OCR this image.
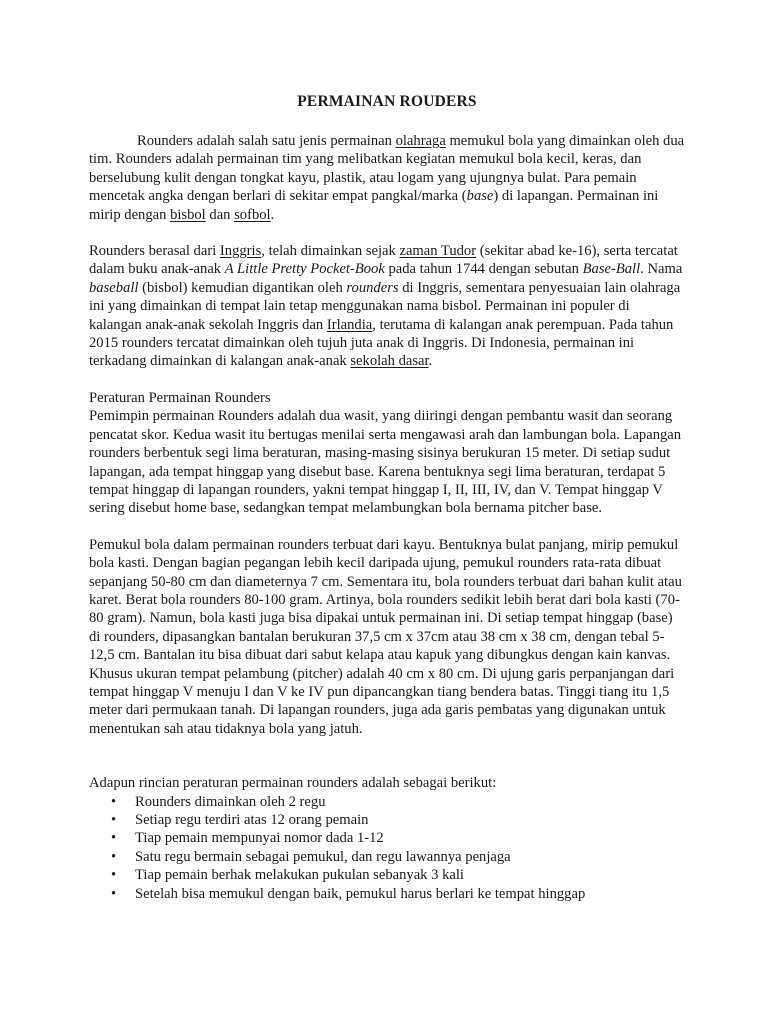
PERMAINAN ROUDERS

Rounders adalah salah satu jenis permainan olahraga memukul bola yang dimainkan oleh dua tim. Rounders adalah permainan tim yang melibatkan kegiatan memukul bola kecil, keras, dan berselubung kulit dengan tongkat kayu, plastik, atau logam yang ujungnya bulat. Para pemain mencetak angka dengan berlari di sekitar empat pangkal/marka (base) di lapangan. Permainan ini mirip dengan bisbol dan sofbol.

Rounders berasal dari Inggris, telah dimainkan sejak zaman Tudor (sekitar abad ke-16), serta tercatat dalam buku anak-anak A Little Pretty Pocket-Book pada tahun 1744 dengan sebutan Base-Ball. Nama baseball (bisbol) kemudian digantikan oleh rounders di Inggris, sementara penyesuaian lain olahraga ini yang dimainkan di tempat lain tetap menggunakan nama bisbol. Permainan ini populer di kalangan anak-anak sekolah Inggris dan Irlandia, terutama di kalangan anak perempuan. Pada tahun 2015 rounders tercatat dimainkan oleh tujuh juta anak di Inggris. Di Indonesia, permainan ini terkadang dimainkan di kalangan anak-anak sekolah dasar.

Peraturan Permainan Rounders
Pemimpin permainan Rounders adalah dua wasit, yang diiringi dengan pembantu wasit dan seorang pencatat skor. Kedua wasit itu bertugas menilai serta mengawasi arah dan lambungan bola. Lapangan rounders berbentuk segi lima beraturan, masing-masing sisinya berukuran 15 meter. Di setiap sudut lapangan, ada tempat hinggap yang disebut base. Karena bentuknya segi lima beraturan, terdapat 5 tempat hinggap di lapangan rounders, yakni tempat hinggap I, II, III, IV, dan V. Tempat hinggap V sering disebut home base, sedangkan tempat melambungkan bola bernama pitcher base.

Pemukul bola dalam permainan rounders terbuat dari kayu. Bentuknya bulat panjang, mirip pemukul bola kasti. Dengan bagian pegangan lebih kecil daripada ujung, pemukul rounders rata-rata dibuat sepanjang 50-80 cm dan diameternya 7 cm. Sementara itu, bola rounders terbuat dari bahan kulit atau karet. Berat bola rounders 80-100 gram. Artinya, bola rounders sedikit lebih berat dari bola kasti (70-80 gram). Namun, bola kasti juga bisa dipakai untuk permainan ini. Di setiap tempat hinggap (base) di rounders, dipasangkan bantalan berukuran 37,5 cm x 37cm atau 38 cm x 38 cm, dengan tebal 5-12,5 cm. Bantalan itu bisa dibuat dari sabut kelapa atau kapuk yang dibungkus dengan kain kanvas. Khusus ukuran tempat pelambung (pitcher) adalah 40 cm x 80 cm. Di ujung garis perpanjangan dari tempat hinggap V menuju I dan V ke IV pun dipancangkan tiang bendera batas. Tinggi tiang itu 1,5 meter dari permukaan tanah. Di lapangan rounders, juga ada garis pembatas yang digunakan untuk menentukan sah atau tidaknya bola yang jatuh.

Adapun rincian peraturan permainan rounders adalah sebagai berikut:

• Rounders dimainkan oleh 2 regu
• Setiap regu terdiri atas 12 orang pemain
• Tiap pemain mempunyai nomor dada 1-12
• Satu regu bermain sebagai pemukul, dan regu lawannya penjaga
• Tiap pemain berhak melakukan pukulan sebanyak 3 kali
• Setelah bisa memukul dengan baik, pemukul harus berlari ke tempat hinggap
